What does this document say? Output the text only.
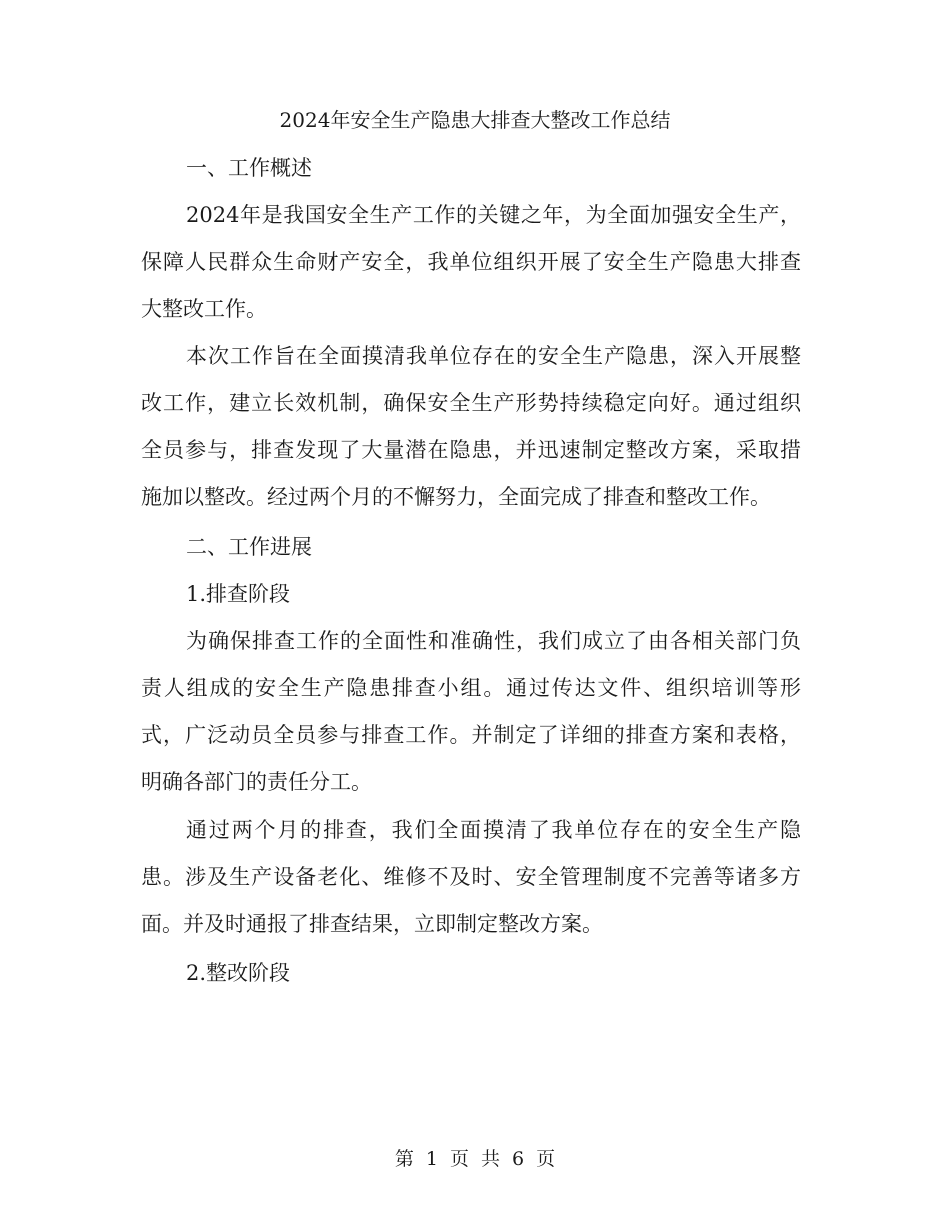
2024年安全生产隐患大排查大整改工作总结
一、工作概述
2024年是我国安全生产工作的关键之年，为全面加强安全生产，
保障人民群众生命财产安全，我单位组织开展了安全生产隐患大排查
大整改工作。
本次工作旨在全面摸清我单位存在的安全生产隐患，深入开展整
改工作，建立长效机制，确保安全生产形势持续稳定向好。通过组织
全员参与，排查发现了大量潜在隐患，并迅速制定整改方案，采取措
施加以整改。经过两个月的不懈努力，全面完成了排查和整改工作。
二、工作进展
1.排查阶段
为确保排查工作的全面性和准确性，我们成立了由各相关部门负
责人组成的安全生产隐患排查小组。通过传达文件、组织培训等形
式，广泛动员全员参与排查工作。并制定了详细的排查方案和表格，
明确各部门的责任分工。
通过两个月的排查，我们全面摸清了我单位存在的安全生产隐
患。涉及生产设备老化、维修不及时、安全管理制度不完善等诸多方
面。并及时通报了排查结果，立即制定整改方案。
2.整改阶段
第 1 页 共 6 页
